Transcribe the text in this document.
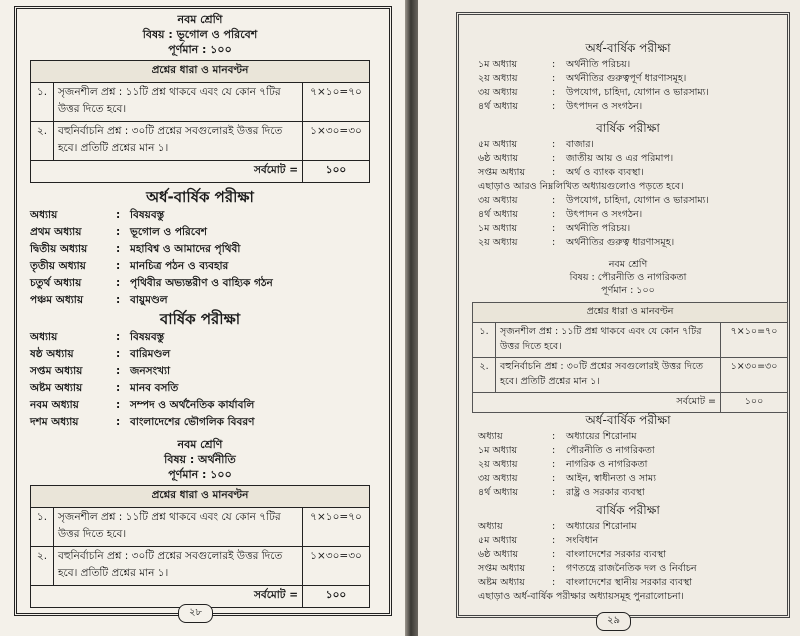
নবম শ্রেণি
বিষয় : ভূগোল ও পরিবেশ
পূর্ণমান : ১০০
প্রশ্নের ধারা ও মানবণ্টন		
১.	সৃজনশীল প্রশ্ন : ১১টি প্রশ্ন থাকবে এবং যে কোন ৭টির উত্তর দিতে হবে।	৭×১০=৭০
২.	বহুনির্বাচনি প্রশ্ন : ৩০টি প্রশ্নের সবগুলোরই উত্তর দিতে হবে। প্রতিটি প্রশ্নের মান ১।	১×৩০=৩০
সর্বমোট =		১০০
অর্ধ-বার্ষিক পরীক্ষা
অধ্যায়	: বিষয়বস্তু
প্রথম অধ্যায়	: ভূগোল ও পরিবেশ
দ্বিতীয় অধ্যায়	: মহাবিশ্ব ও আমাদের পৃথিবী
তৃতীয় অধ্যায়	: মানচিত্র পঠন ও ব্যবহার
চতুর্থ অধ্যায়	: পৃথিবীর অভ্যন্তরীণ ও বাহ্যিক গঠন
পঞ্চম অধ্যায়	: বায়ুমণ্ডল
বার্ষিক পরীক্ষা
অধ্যায়	: বিষয়বস্তু
ষষ্ঠ অধ্যায়	: বারিমণ্ডল
সপ্তম অধ্যায়	: জনসংখ্যা
অষ্টম অধ্যায়	: মানব বসতি
নবম অধ্যায়	: সম্পদ ও অর্থনৈতিক কার্যাবলি
দশম অধ্যায়	: বাংলাদেশের ভৌগলিক বিবরণ
নবম শ্রেণি
বিষয় : অর্থনীতি
পূর্ণমান : ১০০
প্রশ্নের ধারা ও মানবণ্টন		
১.	সৃজনশীল প্রশ্ন : ১১টি প্রশ্ন থাকবে এবং যে কোন ৭টির উত্তর দিতে হবে।	৭×১০=৭০
২.	বহুনির্বাচনি প্রশ্ন : ৩০টি প্রশ্নের সবগুলোরই উত্তর দিতে হবে। প্রতিটি প্রশ্নের মান ১।	১×৩০=৩০
সর্বমোট =		১০০
২৮
অর্ধ-বার্ষিক পরীক্ষা
১ম অধ্যায়	:	অর্থনীতি পরিচয়।
২য় অধ্যায়	:	অর্থনীতির গুরুত্বপূর্ণ ধারণাসমূহ।
৩য় অধ্যায়	:	উপযোগ, চাহিদা, যোগান ও ভারসাম্য।
৪র্থ অধ্যায়	:	উৎপাদন ও সংগঠন।
বার্ষিক পরীক্ষা
৫ম অধ্যায়	:	বাজার।
৬ষ্ঠ অধ্যায়	:	জাতীয় আয় ও এর পরিমাপ।
সপ্তম অধ্যায়	:	অর্থ ও ব্যাংক ব্যবস্থা।
এছাড়াও আরও নিম্নলিখিত অধ্যায়গুলোও পড়তে হবে।
৩য় অধ্যায়	:	উপযোগ, চাহিদা, যোগান ও ভারসাম্য।
৪র্থ অধ্যায়	:	উৎপাদন ও সংগঠন।
১ম অধ্যায়	:	অর্থনীতি পরিচয়।
২য় অধ্যায়	:	অর্থনীতির গুরুত্ব ধারণাসমূহ।
নবম শ্রেণি
বিষয় : পৌরনীতি ও নাগরিকতা
পূর্ণমান : ১০০
প্রশ্নের ধারা ও মানবণ্টন		
১.	সৃজনশীল প্রশ্ন : ১১টি প্রশ্ন থাকবে এবং যে কোন ৭টির উত্তর দিতে হবে।	৭×১০=৭০
২.	বহুনির্বাচনি প্রশ্ন : ৩০টি প্রশ্নের সবগুলোরই উত্তর দিতে হবে। প্রতিটি প্রশ্নের মান ১।	১×৩০=৩০
সর্বমোট =		১০০
অর্ধ-বার্ষিক পরীক্ষা
অধ্যায়	:	অধ্যায়ের শিরোনাম
১ম অধ্যায়	:	পৌরনীতি ও নাগরিকতা
২য় অধ্যায়	:	নাগরিক ও নাগরিকতা
৩য় অধ্যায়	:	আইন, স্বাধীনতা ও সাম্য
৪র্থ অধ্যায়	:	রাষ্ট্র ও সরকার ব্যবস্থা
বার্ষিক পরীক্ষা
অধ্যায়	:	অধ্যায়ের শিরোনাম
৫ম অধ্যায়	:	সংবিধান
৬ষ্ঠ অধ্যায়	:	বাংলাদেশের সরকার ব্যবস্থা
সপ্তম অধ্যায়	:	গণতন্ত্রে রাজনৈতিক দল ও নির্বাচন
অষ্টম অধ্যায়	:	বাংলাদেশের স্থানীয় সরকার ব্যবস্থা
এছাড়াও অর্ধ-বার্ষিক পরীক্ষার অধ্যায়সমূহ পুনরালোচনা।
২৯
